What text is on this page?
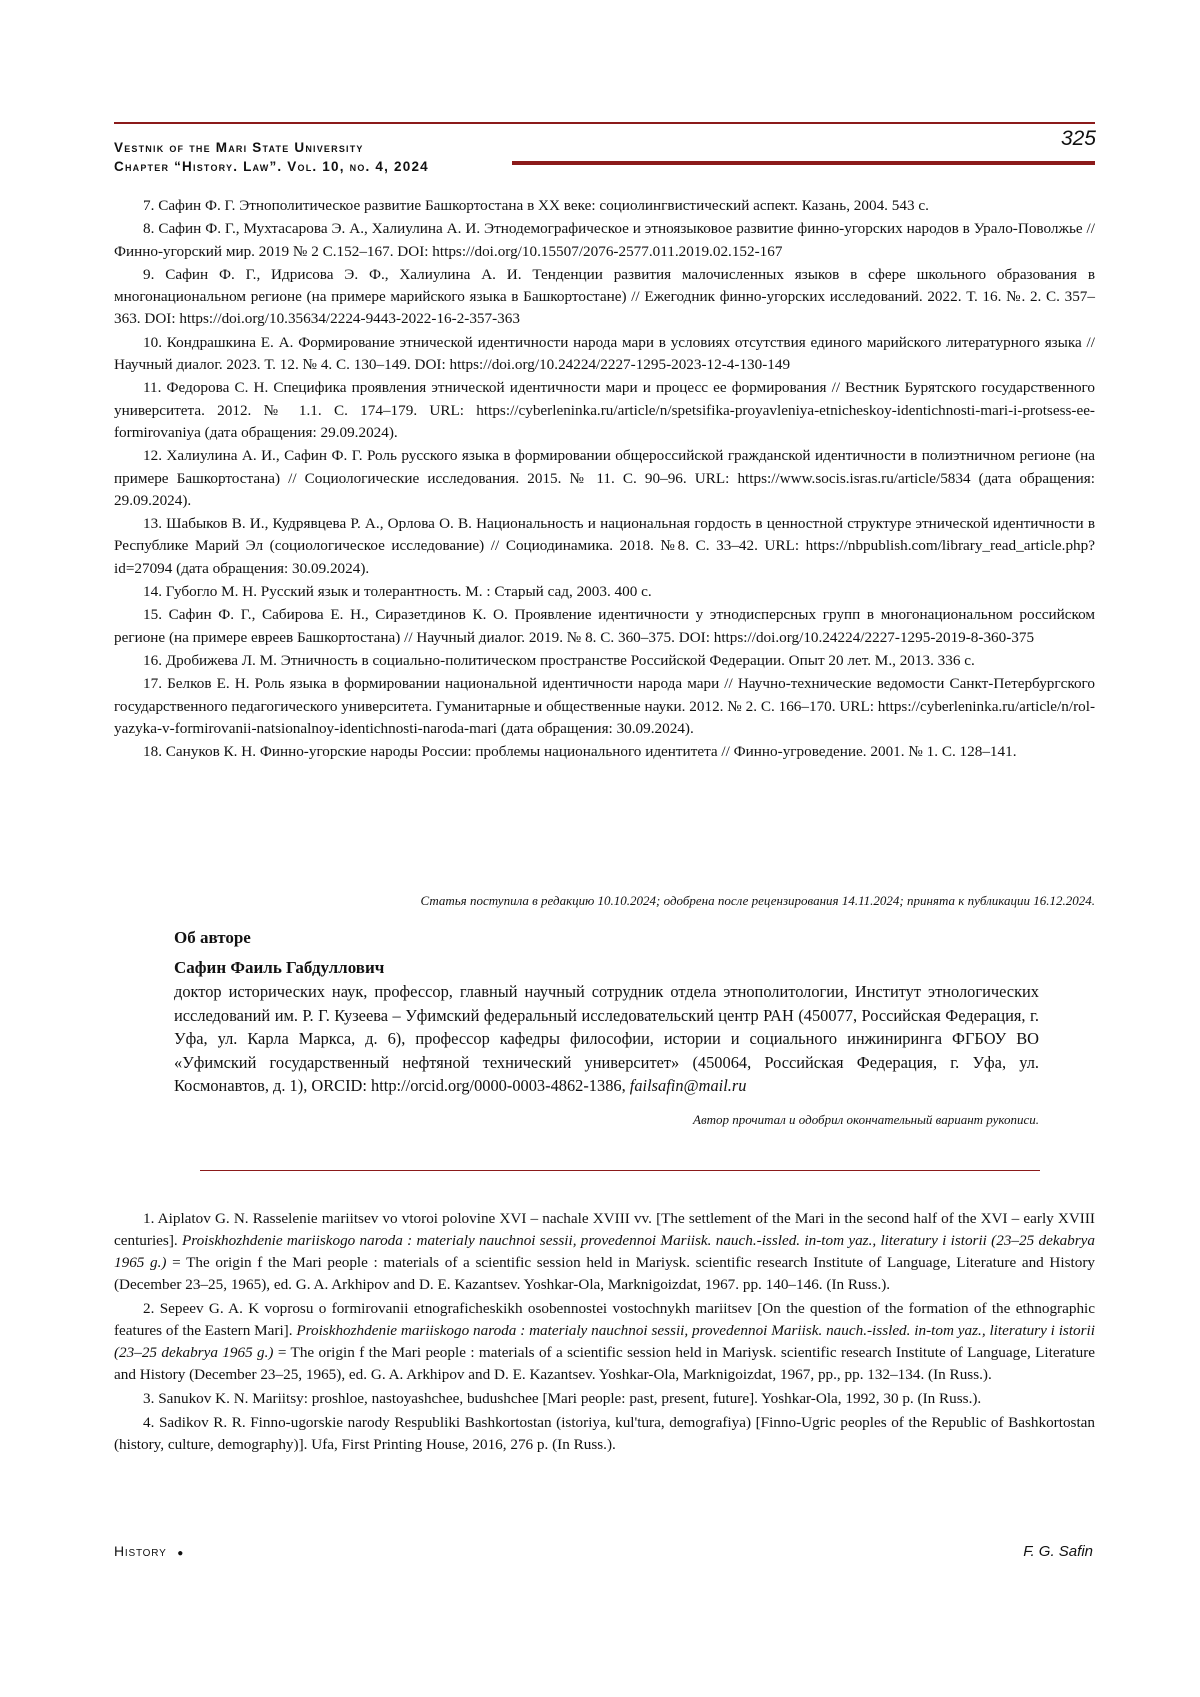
Vestnik of the Mari State University
Chapter “History. Law”. Vol. 10, no. 4, 2024
325

7. Сафин Ф. Г. Этнополитическое развитие Башкортостана в XX веке: социолингвистический аспект. Казань, 2004. 543 с.

8. Сафин Ф. Г., Мухтасарова Э. А., Халиулина А. И. Этнодемографическое и этноязыковое развитие финно-угорских народов в Урало-Поволжье // Финно-угорский мир. 2019 № 2 С.152–167. DOI: https://doi.org/10.15507/2076-2577.011.2019.02.152-167

9. Сафин Ф. Г., Идрисова Э. Ф., Халиулина А. И. Тенденции развития малочисленных языков в сфере школьного образования в многонациональном регионе (на примере марийского языка в Башкортостане) // Ежегодник финно-угорских исследований. 2022. Т. 16. №. 2. С. 357–363. DOI: https://doi.org/10.35634/2224-9443-2022-16-2-357-363

10. Кондрашкина Е. А. Формирование этнической идентичности народа мари в условиях отсутствия единого марийского литературного языка // Научный диалог. 2023. Т. 12. № 4. С. 130–149. DOI: https://doi.org/10.24224/2227-1295-2023-12-4-130-149

11. Федорова С. Н. Специфика проявления этнической идентичности мари и процесс ее формирования // Вестник Бурятского государственного университета. 2012. № 1.1. С. 174–179. URL: https://cyberleninka.ru/article/n/spetsifika-proyavleniya-etnicheskoy-identichnosti-mari-i-protsess-ee-formirovaniya (дата обращения: 29.09.2024).

12. Халиулина А. И., Сафин Ф. Г. Роль русского языка в формировании общероссийской гражданской идентичности в полиэтничном регионе (на примере Башкортостана) // Социологические исследования. 2015. № 11. С. 90–96. URL: https://www.socis.isras.ru/article/5834 (дата обращения: 29.09.2024).

13. Шабыков В. И., Кудрявцева Р. А., Орлова О. В. Национальность и национальная гордость в ценностной структуре этнической идентичности в Республике Марий Эл (социологическое исследование) // Социодинамика. 2018. №8. С. 33–42. URL: https://nbpublish.com/library_read_article.php?id=27094 (дата обращения: 30.09.2024).

14. Губогло М. Н. Русский язык и толерантность. М. : Старый сад, 2003. 400 с.

15. Сафин Ф. Г., Сабирова Е. Н., Сиразетдинов К. О. Проявление идентичности у этнодисперсных групп в многонациональном российском регионе (на примере евреев Башкортостана) // Научный диалог. 2019. № 8. С. 360–375. DOI: https://doi.org/10.24224/2227-1295-2019-8-360-375

16. Дробижева Л. М. Этничность в социально-политическом пространстве Российской Федерации. Опыт 20 лет. М., 2013. 336 с.

17. Белков Е. Н. Роль языка в формировании национальной идентичности народа мари // Научно-технические ведомости Санкт-Петербургского государственного педагогического университета. Гуманитарные и общественные науки. 2012. № 2. С. 166–170. URL: https://cyberleninka.ru/article/n/rol-yazyka-v-formirovanii-natsionalnoy-identichnosti-naroda-mari (дата обращения: 30.09.2024).

18. Сануков К. Н. Финно-угорские народы России: проблемы национального идентитета // Финно-угроведение. 2001. № 1. С. 128–141.

Статья поступила в редакцию 10.10.2024; одобрена после рецензирования 14.11.2024; принята к публикации 16.12.2024.
Об авторе
Сафин Фаиль Габдуллович

доктор исторических наук, профессор, главный научный сотрудник отдела этнополитологии, Институт этнологических исследований им. Р. Г. Кузеева – Уфимский федеральный исследовательский центр РАН (450077, Российская Федерация, г. Уфа, ул. Карла Маркса, д. 6), профессор кафедры философии, истории и социального инжиниринга ФГБОУ ВО «Уфимский государственный нефтяной технический университет» (450064, Российская Федерация, г. Уфа, ул. Космонавтов, д. 1), ORCID: http://orcid.org/0000-0003-4862-1386, failsafin@mail.ru

Автор прочитал и одобрил окончательный вариант рукописи.

1. Aiplatov G. N. Rasselenie mariitsev vo vtoroi polovine XVI – nachale XVIII vv. [The settlement of the Mari in the second half of the XVI – early XVIII centuries]. Proiskhozhdenie mariiskogo naroda : materialy nauchnoi sessii, provedennoi Mariisk. nauch.-issled. in-tom yaz., literatury i istorii (23–25 dekabrya 1965 g.) = The origin f the Mari people : materials of a scientific session held in Mariysk. scientific research Institute of Language, Literature and History (December 23–25, 1965), ed. G. A. Arkhipov and D. E. Kazantsev. Yoshkar-Ola, Marknigoizdat, 1967. pp. 140–146. (In Russ.).

2. Sepeev G. A. K voprosu o formirovanii etnograficheskikh osobennostei vostochnykh mariitsev [On the question of the formation of the ethnographic features of the Eastern Mari]. Proiskhozhdenie mariiskogo naroda : materialy nauchnoi sessii, provedennoi Mariisk. nauch.-issled. in-tom yaz., literatury i istorii (23–25 dekabrya 1965 g.) = The origin f the Mari people : materials of a scientific session held in Mariysk. scientific research Institute of Language, Literature and History (December 23–25, 1965), ed. G. A. Arkhipov and D. E. Kazantsev. Yoshkar-Ola, Marknigoizdat, 1967, pp., pp. 132–134. (In Russ.).

3. Sanukov K. N. Mariitsy: proshloe, nastoyashchee, budushchee [Mari people: past, present, future]. Yoshkar-Ola, 1992, 30 p. (In Russ.).

4. Sadikov R. R. Finno-ugorskie narody Respubliki Bashkortostan (istoriya, kul'tura, demografiya) [Finno-Ugric peoples of the Republic of Bashkortostan (history, culture, demography)]. Ufa, First Printing House, 2016, 276 p. (In Russ.).

History ●	F. G. Safin
